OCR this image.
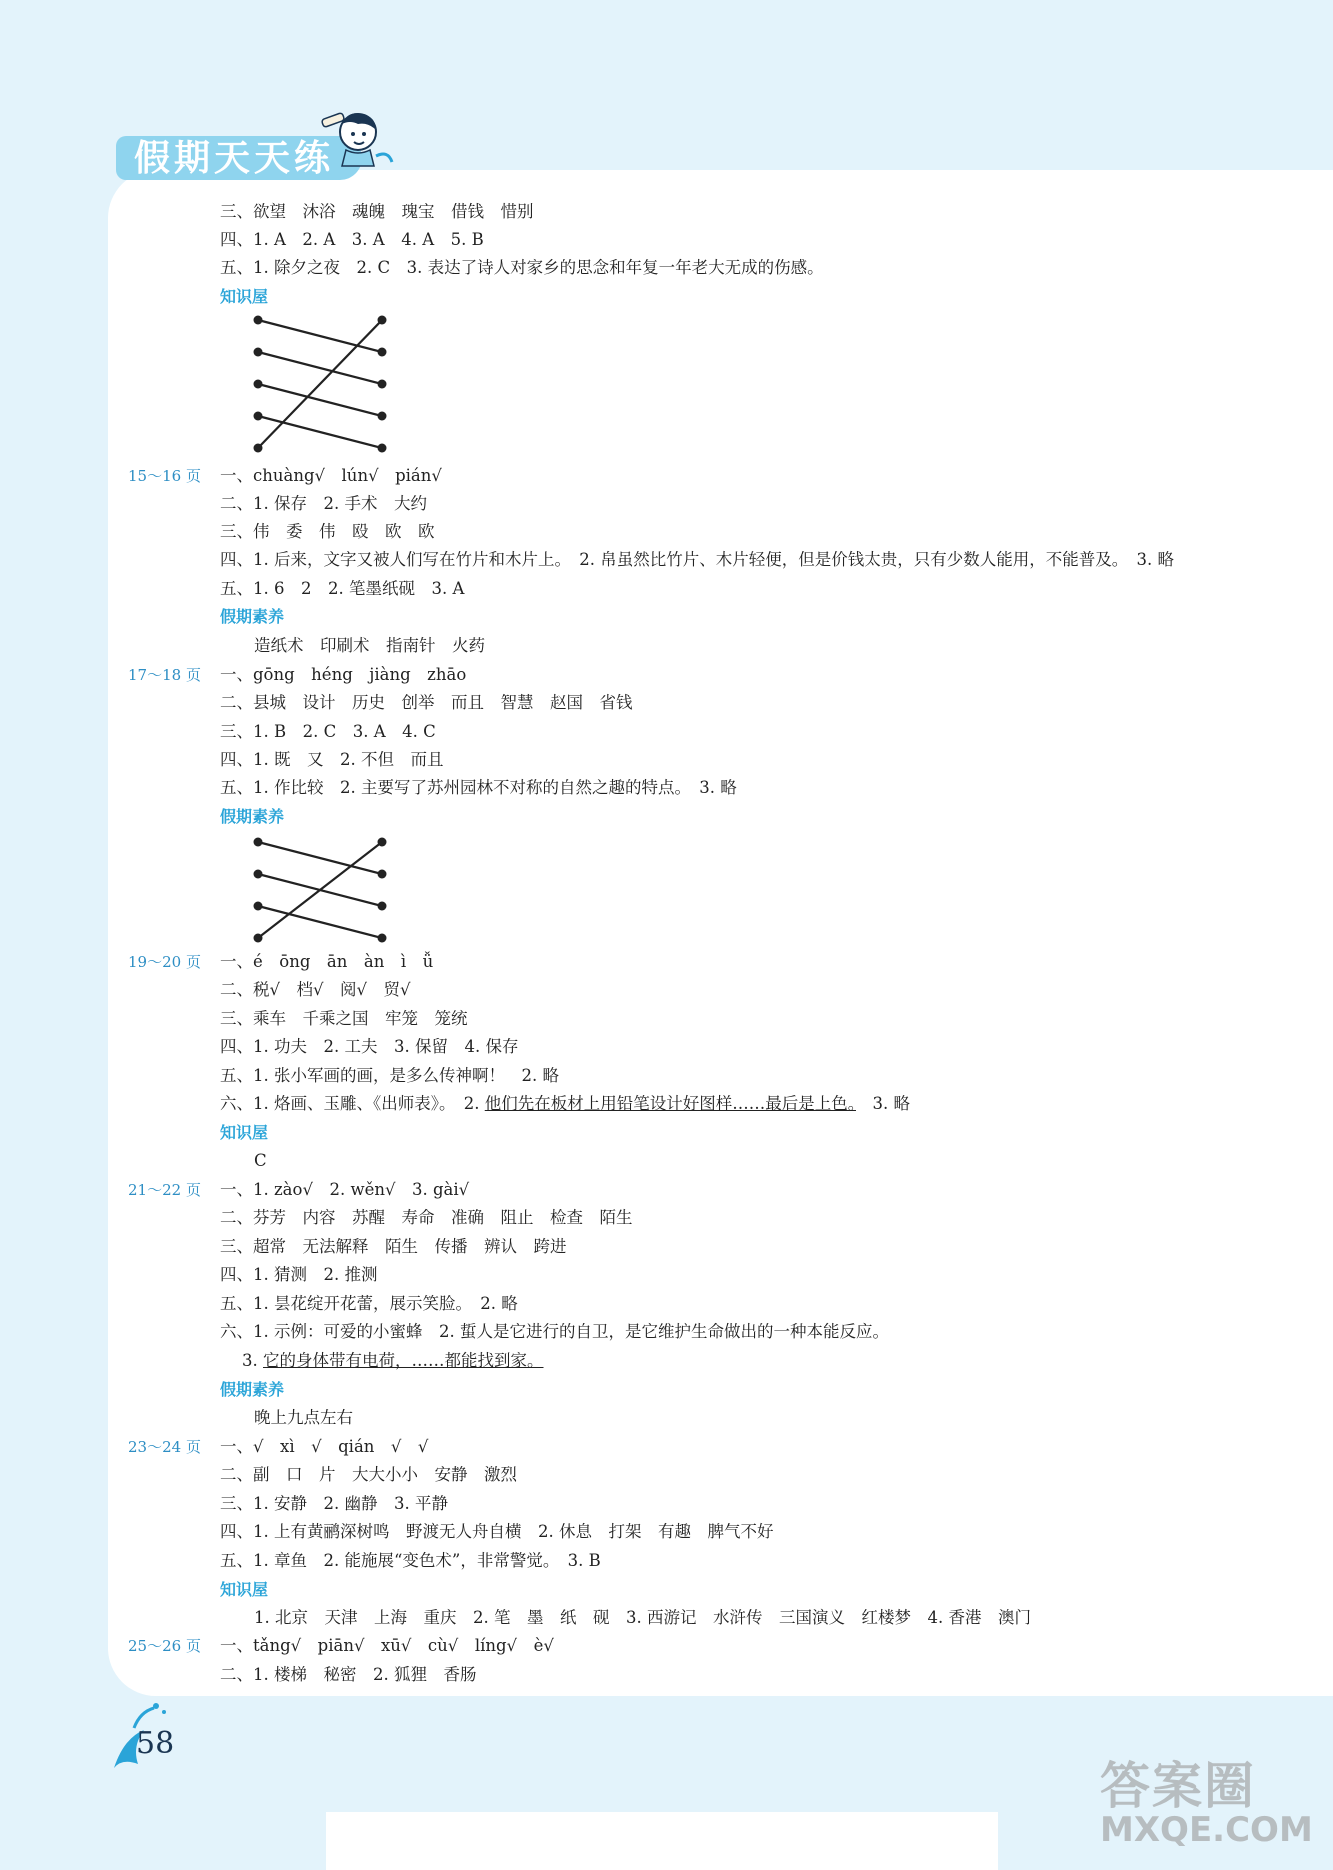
假期天天练
三、欲望　沐浴　魂魄　瑰宝　借钱　惜别
四、1. A　2. A　3. A　4. A　5. B
五、1. 除夕之夜　2. C　3. 表达了诗人对家乡的思念和年复一年老大无成的伤感。
一、chuàng√　lún√　pián√
二、1. 保存　2. 手术　大约
三、伟　委　伟　殴　欧　欧
四、1. 后来，文字又被人们写在竹片和木片上。　2. 帛虽然比竹片、木片轻便，但是价钱太贵，只有少数人能用，不能普及。　3. 略
五、1. 6　2　2. 笔墨纸砚　3. A
造纸术　印刷术　指南针　火药
一、gōng　héng　jiàng　zhāo
二、县城　设计　历史　创举　而且　智慧　赵国　省钱
三、1. B　2. C　3. A　4. C
四、1. 既　又　2. 不但　而且
五、1. 作比较　2. 主要写了苏州园林不对称的自然之趣的特点。　3. 略
一、é　ōng　ān　àn　ì　ǚ
二、税√　档√　阅√　贸√
三、乘车　千乘之国　牢笼　笼统
四、1. 功夫　2. 工夫　3. 保留　4. 保存
五、1. 张小军画的画，是多么传神啊！　2. 略
C
一、1. zào√　2. wěn√　3. gài√
二、芬芳　内容　苏醒　寿命　准确　阻止　检查　陌生
三、超常　无法解释　陌生　传播　辨认　跨进
四、1. 猜测　2. 推测
五、1. 昙花绽开花蕾，展示笑脸。　2. 略
六、1. 示例：可爱的小蜜蜂　2. 蜇人是它进行的自卫，是它维护生命做出的一种本能反应。
晚上九点左右
一、√　xì　√　qián　√　√
二、副　口　片　大大小小　安静　激烈
三、1. 安静　2. 幽静　3. 平静
四、1. 上有黄鹂深树鸣　野渡无人舟自横　2. 休息　打架　有趣　脾气不好
五、1. 章鱼　2. 能施展“变色术”，非常警觉。　3. B
1. 北京　天津　上海　重庆　2. 笔　墨　纸　砚　3. 西游记　水浒传　三国演义　红楼梦　4. 香港　澳门
一、tǎng√　piān√　xū√　cù√　líng√　è√
二、1. 楼梯　秘密　2. 狐狸　香肠
15～16 页
17～18 页
19～20 页
21～22 页
23～24 页
25～26 页
知识屋
假期素养
假期素养
知识屋
假期素养
知识屋
六、1. 烙画、玉雕、《出师表》。　2. 他们先在板材上用铅笔设计好图样……最后是上色。　3. 略
3. 它的身体带有电荷，……都能找到家。
58
答案圈
MXQE.COM
